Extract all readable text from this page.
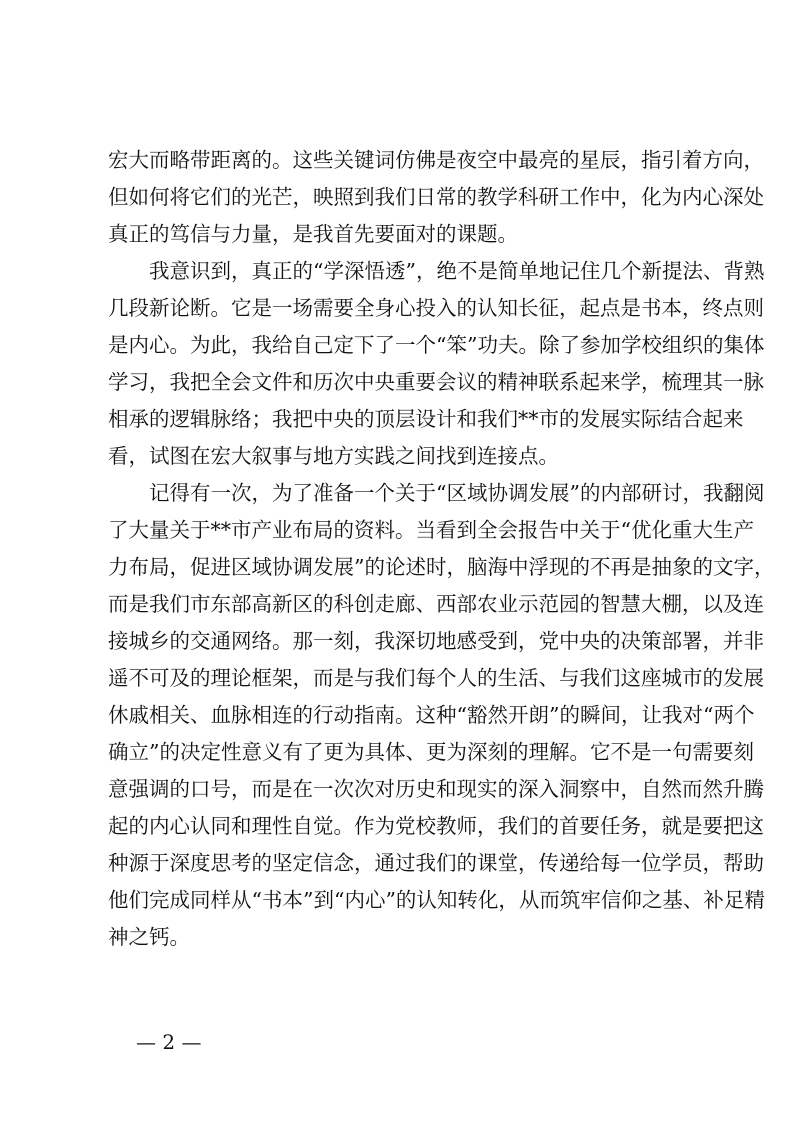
宏大而略带距离的。这些关键词仿佛是夜空中最亮的星辰，指引着方向，
但如何将它们的光芒，映照到我们日常的教学科研工作中，化为内心深处
真正的笃信与力量，是我首先要面对的课题。
我意识到，真正的“学深悟透”，绝不是简单地记住几个新提法、背熟
几段新论断。它是一场需要全身心投入的认知长征，起点是书本，终点则
是内心。为此，我给自己定下了一个“笨”功夫。除了参加学校组织的集体
学习，我把全会文件和历次中央重要会议的精神联系起来学，梳理其一脉
相承的逻辑脉络；我把中央的顶层设计和我们**市的发展实际结合起来
看，试图在宏大叙事与地方实践之间找到连接点。
记得有一次，为了准备一个关于“区域协调发展”的内部研讨，我翻阅
了大量关于**市产业布局的资料。当看到全会报告中关于“优化重大生产
力布局，促进区域协调发展”的论述时，脑海中浮现的不再是抽象的文字，
而是我们市东部高新区的科创走廊、西部农业示范园的智慧大棚，以及连
接城乡的交通网络。那一刻，我深切地感受到，党中央的决策部署，并非
遥不可及的理论框架，而是与我们每个人的生活、与我们这座城市的发展
休戚相关、血脉相连的行动指南。这种“豁然开朗”的瞬间，让我对“两个
确立”的决定性意义有了更为具体、更为深刻的理解。它不是一句需要刻
意强调的口号，而是在一次次对历史和现实的深入洞察中，自然而然升腾
起的内心认同和理性自觉。作为党校教师，我们的首要任务，就是要把这
种源于深度思考的坚定信念，通过我们的课堂，传递给每一位学员，帮助
他们完成同样从“书本”到“内心”的认知转化，从而筑牢信仰之基、补足精
神之钙。
— 2 —
